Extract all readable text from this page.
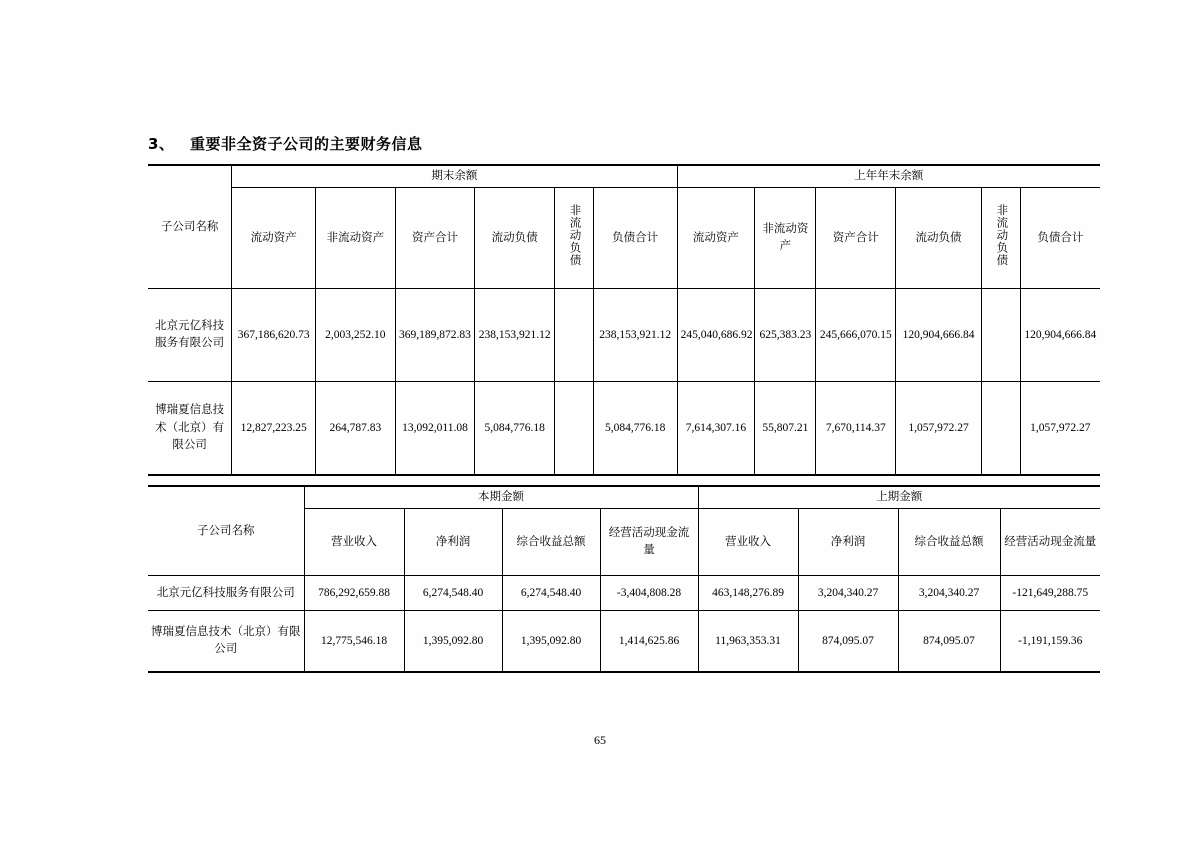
3、 重要非全资子公司的主要财务信息
子公司名称	期末余额						上年年末余额					
	流动资产	非流动资产	资产合计	流动负债	非流动负债	负债合计	流动资产	非流动资产	资产合计	流动负债	非流动负债	负债合计
北京元亿科技服务有限公司	367,186,620.73	2,003,252.10	369,189,872.83	238,153,921.12		238,153,921.12	245,040,686.92	625,383.23	245,666,070.15	120,904,666.84		120,904,666.84
博瑞夏信息技术（北京）有限公司	12,827,223.25	264,787.83	13,092,011.08	5,084,776.18		5,084,776.18	7,614,307.16	55,807.21	7,670,114.37	1,057,972.27		1,057,972.27
子公司名称	本期金额				上期金额			
	营业收入	净利润	综合收益总额	经营活动现金流量	营业收入	净利润	综合收益总额	经营活动现金流量
北京元亿科技服务有限公司	786,292,659.88	6,274,548.40	6,274,548.40	-3,404,808.28	463,148,276.89	3,204,340.27	3,204,340.27	-121,649,288.75
博瑞夏信息技术（北京）有限公司	12,775,546.18	1,395,092.80	1,395,092.80	1,414,625.86	11,963,353.31	874,095.07	874,095.07	-1,191,159.36
65
